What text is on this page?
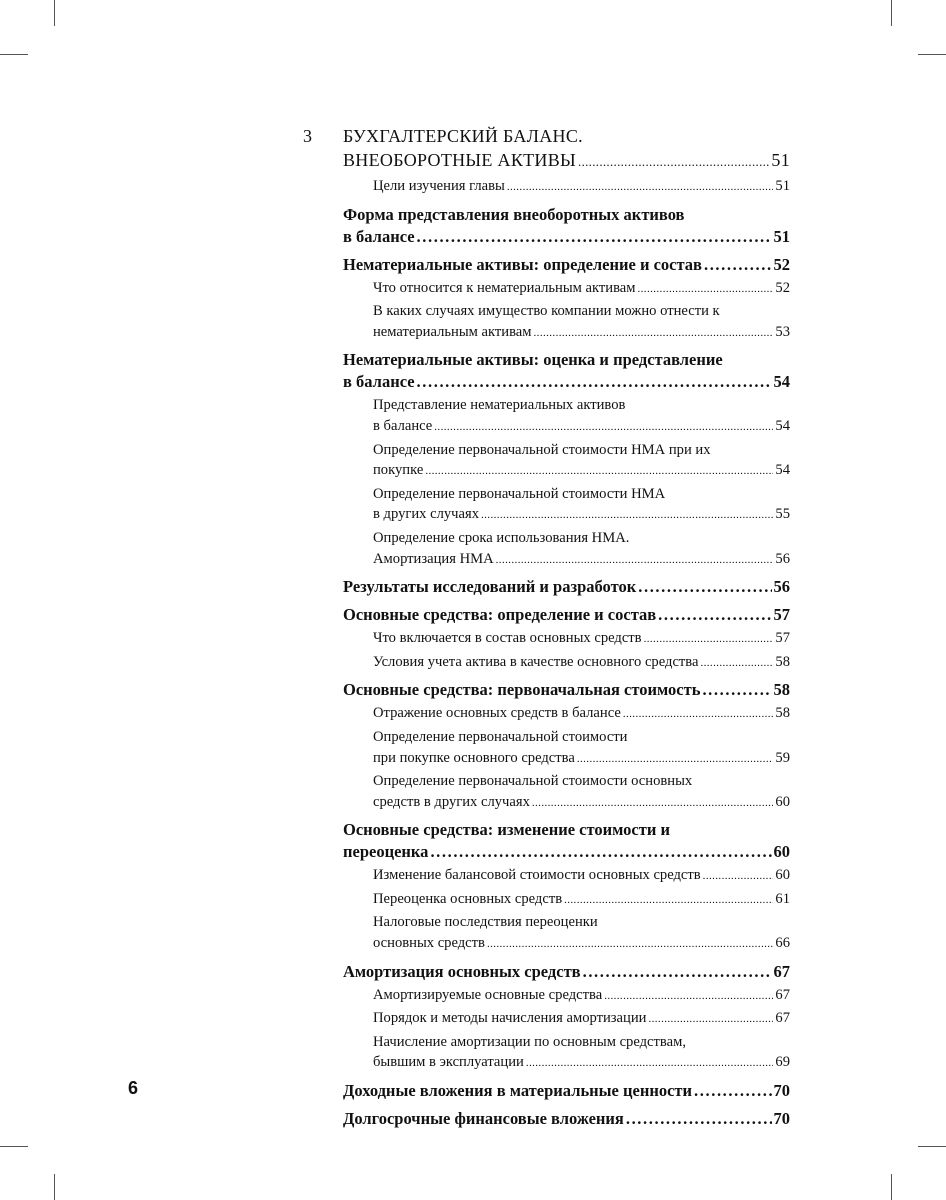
3 БУХГАЛТЕРСКИЙ БАЛАНС.
ВНЕОБОРОТНЫЕ АКТИВЫ .....	51
Цели изучения главы .....	51
Форма представления внеоборотных активов
в балансе .....	51
Нематериальные активы: определение и состав .....	52
Что относится к нематериальным активам .....	52
В каких случаях имущество компании можно отнести к
нематериальным активам .....	53
Нематериальные активы: оценка и представление
в балансе .....	54
Представление нематериальных активов
в балансе .....	54
Определение первоначальной стоимости НМА при их
покупке .....	54
Определение первоначальной стоимости НМА
в других случаях .....	55
Определение срока использования НМА.
Амортизация НМА .....	56
Результаты исследований и разработок .....	56
Основные средства: определение и состав .....	57
Что включается в состав основных средств .....	57
Условия учета актива в качестве основного средства .....	58
Основные средства: первоначальная стоимость .....	58
Отражение основных средств в балансе .....	58
Определение первоначальной стоимости
при покупке основного средства .....	59
Определение первоначальной стоимости основных
средств в других случаях .....	60
Основные средства: изменение стоимости и
переоценка .....	60
Изменение балансовой стоимости основных средств .....	60
Переоценка основных средств .....	61
Налоговые последствия переоценки
основных средств .....	66
Амортизация основных средств .....	67
Амортизируемые основные средства .....	67
Порядок и методы начисления амортизации .....	67
Начисление амортизации по основным средствам,
бывшим в эксплуатации .....	69
Доходные вложения в материальные ценности .....	70
Долгосрочные финансовые вложения .....	70
6
